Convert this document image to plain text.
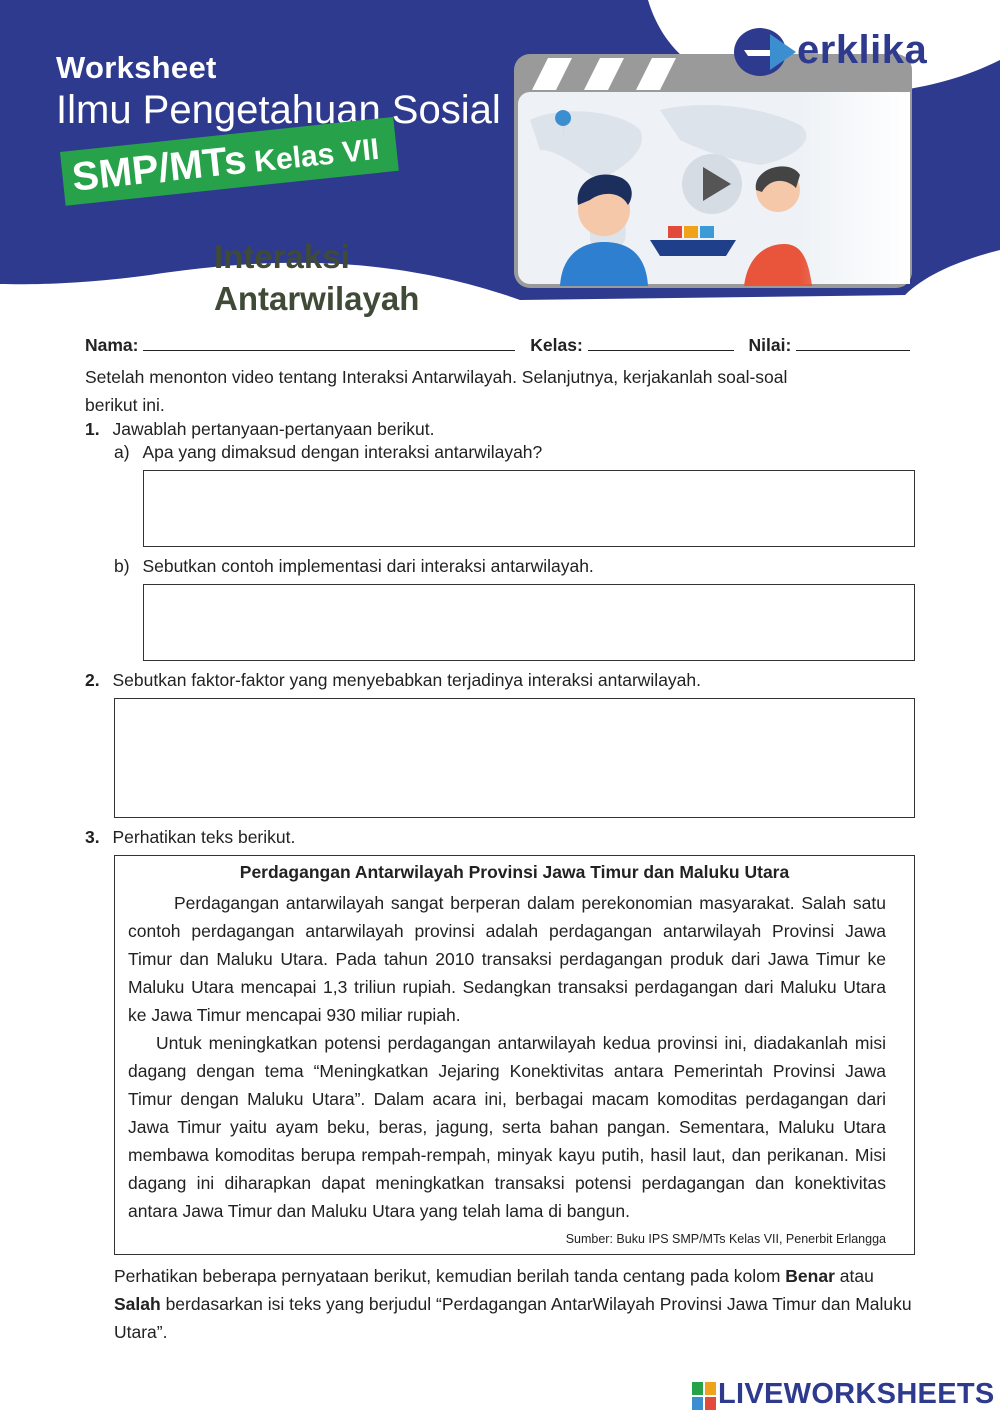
erklika
Worksheet
Ilmu Pengetahuan Sosial
SMP/MTs Kelas VII
Interaksi
Antarwilayah
Nama:	Kelas:	Nilai:
Setelah menonton video tentang Interaksi Antarwilayah. Selanjutnya, kerjakanlah soal-soal
berikut ini.
1. Jawablah pertanyaan-pertanyaan berikut.
a) Apa yang dimaksud dengan interaksi antarwilayah?
b) Sebutkan contoh implementasi dari interaksi antarwilayah.
2. Sebutkan faktor-faktor yang menyebabkan terjadinya interaksi antarwilayah.
3. Perhatikan teks berikut.
Perdagangan Antarwilayah Provinsi Jawa Timur dan Maluku Utara

Perdagangan antarwilayah sangat berperan dalam perekonomian masyarakat. Salah satu contoh perdagangan antarwilayah provinsi adalah perdagangan antarwilayah Provinsi Jawa Timur dan Maluku Utara. Pada tahun 2010 transaksi perdagangan produk dari Jawa Timur ke Maluku Utara mencapai 1,3 triliun rupiah. Sedangkan transaksi perdagangan dari Maluku Utara ke Jawa Timur mencapai 930 miliar rupiah.

Untuk meningkatkan potensi perdagangan antarwilayah kedua provinsi ini, diadakanlah misi dagang dengan tema “Meningkatkan Jejaring Konektivitas antara Pemerintah Provinsi Jawa Timur dengan Maluku Utara”. Dalam acara ini, berbagai macam komoditas perdagangan dari Jawa Timur yaitu ayam beku, beras, jagung, serta bahan pangan. Sementara, Maluku Utara membawa komoditas berupa rempah-rempah, minyak kayu putih, hasil laut, dan perikanan. Misi dagang ini diharapkan dapat meningkatkan transaksi potensi perdagangan dan konektivitas antara Jawa Timur dan Maluku Utara yang telah lama di bangun.

Sumber: Buku IPS SMP/MTs Kelas VII, Penerbit Erlangga
Perhatikan beberapa pernyataan berikut, kemudian berilah tanda centang pada kolom Benar atau Salah berdasarkan isi teks yang berjudul “Perdagangan AntarWilayah Provinsi Jawa Timur dan Maluku Utara”.
LIVEWORKSHEETS
